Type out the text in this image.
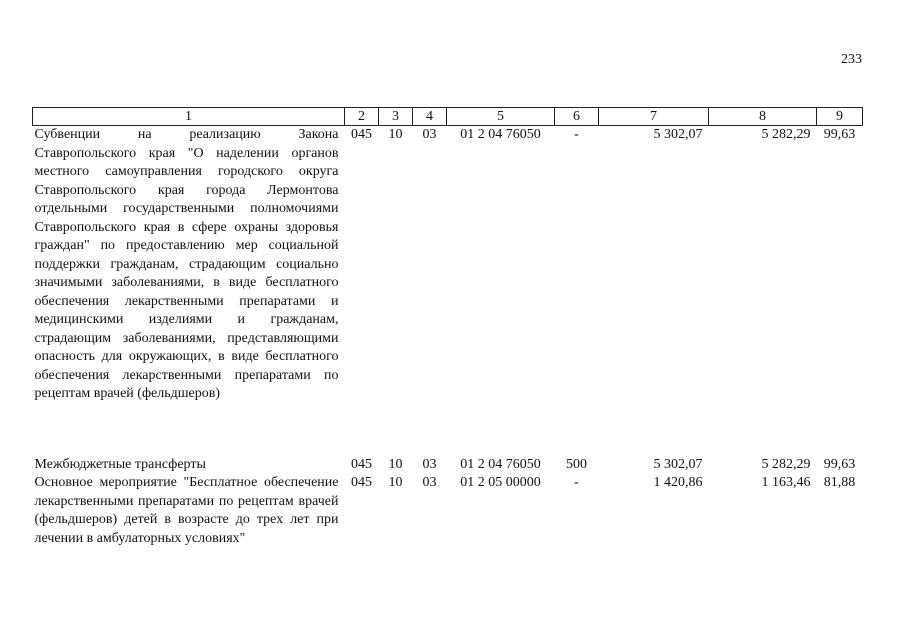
233
1	2	3	4	5	6	7	8	9

Субвенции на реализацию Закона Ставропольского края "О наделении органов местного самоуправления городского округа Ставропольского края города Лермонтова отдельными государственными полномочиями Ставропольского края в сфере охраны здоровья граждан" по предоставлению мер социальной поддержки гражданам, страдающим социально значимыми заболеваниями, в виде бесплатного обеспечения лекарственными препаратами и медицинскими изделиями и гражданам, страдающим заболеваниями, представляющими опасность для окружающих, в виде бесплатного обеспечения лекарственными препаратами по рецептам врачей (фельдшеров)	045	10	03	01 2 04 76050	-	5 302,07	5 282,29	99,63

Межбюджетные трансферты	045	10	03	01 2 04 76050	500	5 302,07	5 282,29	99,63

Основное мероприятие "Бесплатное обеспечение лекарственными препаратами по рецептам врачей (фельдшеров) детей в возрасте до трех лет при лечении в амбулаторных условиях"	045	10	03	01 2 05 00000	-	1 420,86	1 163,46	81,88
